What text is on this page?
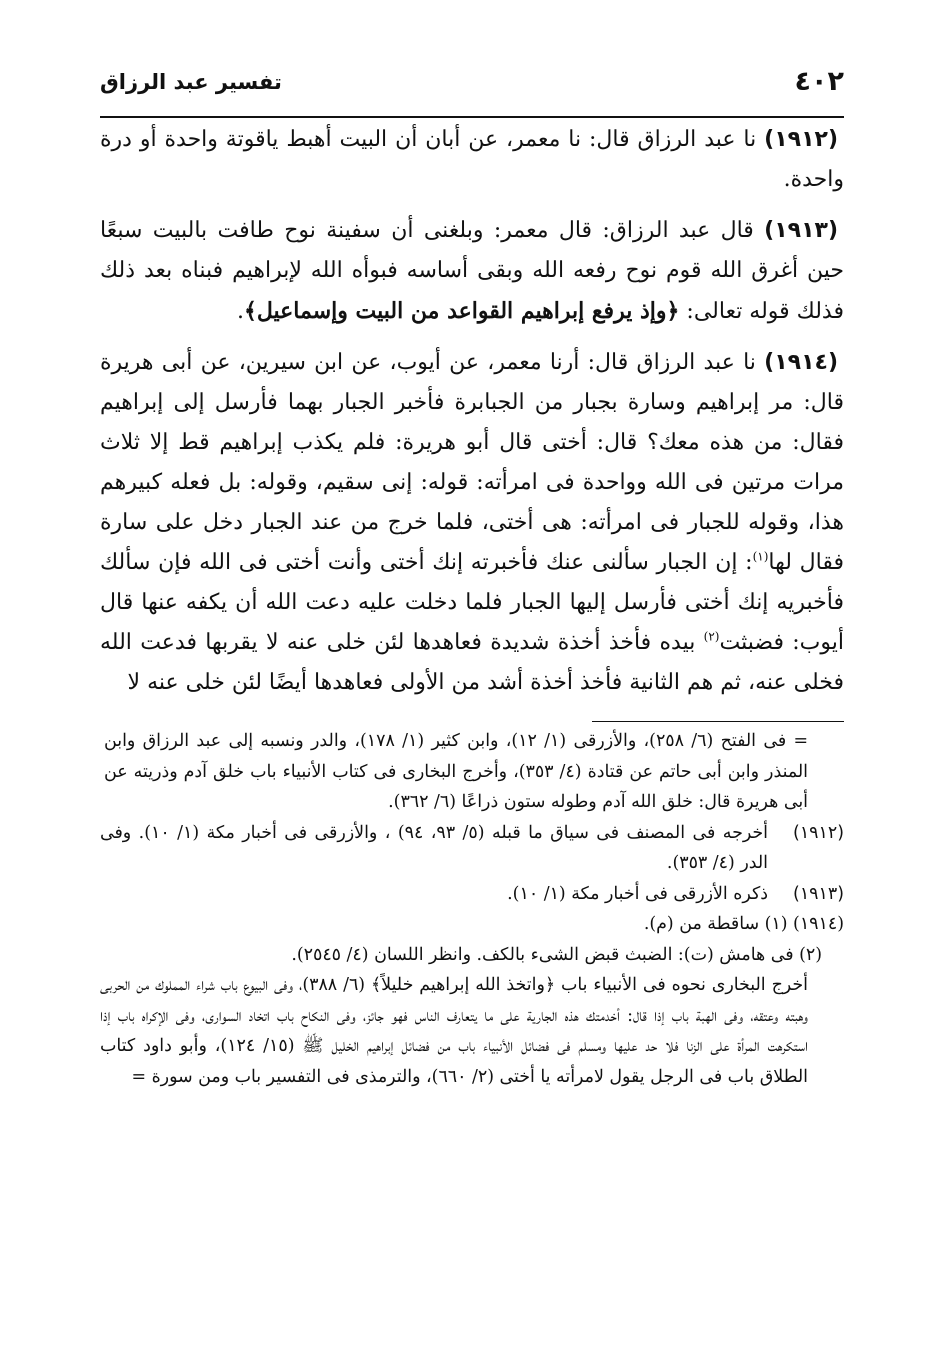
٤٠٢
تفسير عبد الرزاق

(١٩١٢) نا عبد الرزاق قال: نا معمر، عن أبان أن البيت أهبط ياقوتة واحدة أو درة واحدة.

(١٩١٣) قال عبد الرزاق: قال معمر: وبلغنى أن سفينة نوح طافت بالبيت سبعًا حين أغرق الله قوم نوح رفعه الله وبقى أساسه فبوأه الله لإبراهيم فبناه بعد ذلك فذلك قوله تعالى: ﴿وإذ يرفع إبراهيم القواعد من البيت وإسماعيل﴾.

(١٩١٤) نا عبد الرزاق قال: أرنا معمر، عن أيوب، عن ابن سيرين، عن أبى هريرة قال: مر إبراهيم وسارة بجبار من الجبابرة فأخبر الجبار بهما فأرسل إلى إبراهيم فقال: من هذه معك؟ قال: أختى قال أبو هريرة: فلم يكذب إبراهيم قط إلا ثلاث مرات مرتين فى الله وواحدة فى امرأته: قوله: إنى سقيم، وقوله: بل فعله كبيرهم هذا، وقوله للجبار فى امرأته: هى أختى، فلما خرج من عند الجبار دخل على سارة فقال لها$^{(١)}$: إن الجبار سألنى عنك فأخبرته إنك أختى وأنت أختى فى الله فإن سألك فأخبريه إنك أختى فأرسل إليها الجبار فلما دخلت عليه دعت الله أن يكفه عنها قال أيوب: فضبثت$^{(٢)}$ بيده فأخذ أخذة شديدة فعاهدها لئن خلى عنه لا يقربها فدعت الله فخلى عنه، ثم هم الثانية فأخذ أخذة أشد من الأولى فعاهدها أيضًا لئن خلى عنه لا

= فى الفتح (٦/ ٢٥٨)، والأزرقى (١/ ١٢)، وابن كثير (١/ ١٧٨)، والدر ونسبه إلى عبد الرزاق وابن المنذر وابن أبى حاتم عن قتادة (٤/ ٣٥٣)، وأخرج البخارى فى كتاب الأنبياء باب خلق آدم وذريته عن أبى هريرة قال: خلق الله آدم وطوله ستون ذراعًا (٦/ ٣٦٢).

(١٩١٢)
أخرجه فى المصنف فى سياق ما قبله (٥/ ٩٣، ٩٤) ، والأزرقى فى أخبار مكة (١/ ١٠). وفى الدر (٤/ ٣٥٣).
(١٩١٣)
ذكره الأزرقى فى أخبار مكة (١/ ١٠).

(١٩١٤) (١) ساقطة من (م).

(٢) فى هامش (ت): الضبث قبض الشىء بالكف. وانظر اللسان (٤/ ٢٥٤٥).

أخرج البخارى نحوه فى الأنبياء باب ﴿واتخذ الله إبراهيم خليلاً﴾ (٦/ ٣٨٨)، وفى البيوع باب شراء المملوك من الحربى وهبته وعتقه، وفى الهبة باب إذا قال: أخدمتك هذه الجارية على ما يتعارف الناس فهو جائز، وفى النكاح باب اتخاد السوارى، وفى الإكراه باب إذا استكرهت المرأة على الزنا فلا حد عليها ومسلم فى فضائل الأنبياء باب من فضائل إبراهيم الخليل ﷺ (١٥/ ١٢٤)، وأبو داود كتاب الطلاق باب فى الرجل يقول لامرأته يا أختى (٢/ ٦٦٠)، والترمذى فى التفسير باب ومن سورة =
